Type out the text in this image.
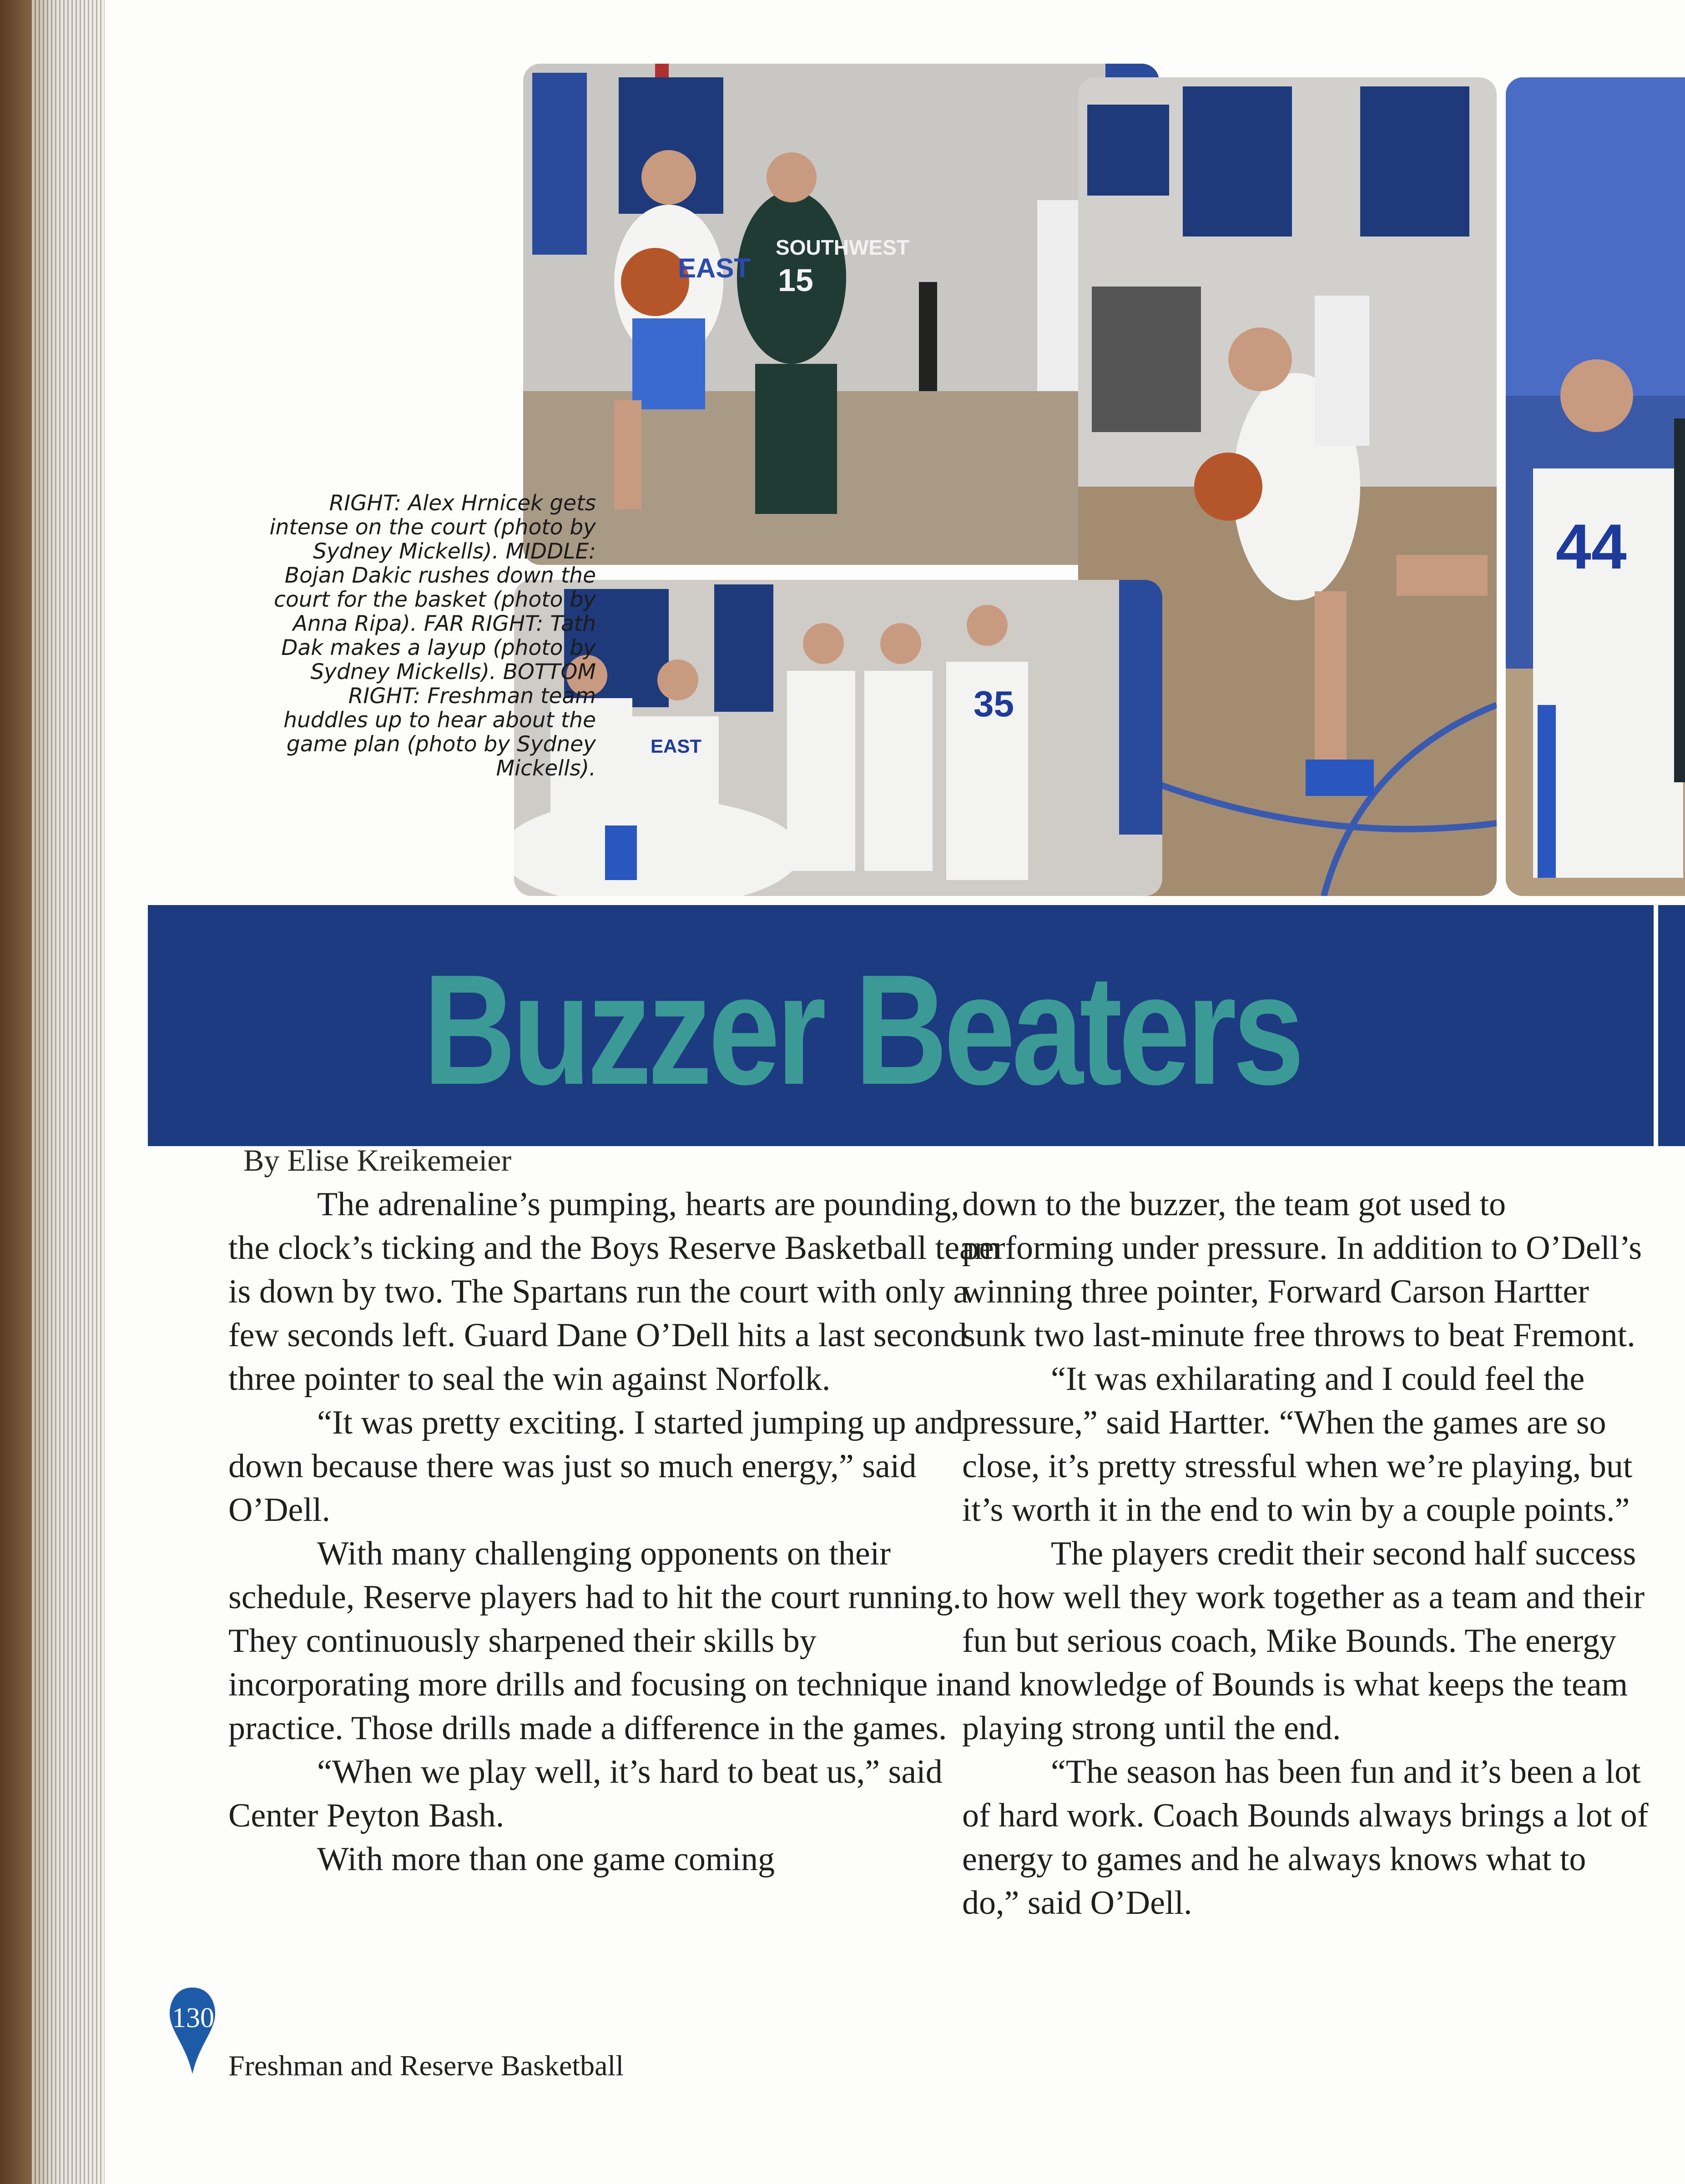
EAST
SOUTHWEST
15
44
EAST
35
RIGHT: Alex Hrnicek gets intense on the court (photo by Sydney Mickells). MIDDLE: Bojan Dakic rushes down the court for the basket (photo by Anna Ripa). FAR RIGHT: Tath Dak makes a layup (photo by Sydney Mickells). BOTTOM RIGHT: Freshman team huddles up to hear about the game plan (photo by Sydney Mickells).
Buzzer Beaters
By Elise Kreikemeier

The adrenaline’s pumping, hearts are pounding, the clock’s ticking and the Boys Reserve Basketball team is down by two. The Spartans run the court with only a few seconds left. Guard Dane O’Dell hits a last second three pointer to seal the win against Norfolk.

“It was pretty exciting. I started jumping up and down because there was just so much energy,” said O’Dell.

With many challenging opponents on their schedule, Reserve players had to hit the court running. They continuously sharpened their skills by incorporating more drills and focusing on technique in practice. Those drills made a difference in the games.

“When we play well, it’s hard to beat us,” said Center Peyton Bash.

With more than one game coming

down to the buzzer, the team got used to performing under pressure. In addition to O’Dell’s winning three pointer, Forward Carson Hartter sunk two last-minute free throws to beat Fremont.

“It was exhilarating and I could feel the pressure,” said Hartter. “When the games are so close, it’s pretty stressful when we’re playing, but it’s worth it in the end to win by a couple points.”

The players credit their second half success to how well they work together as a team and their fun but serious coach, Mike Bounds. The energy and knowledge of Bounds is what keeps the team playing strong until the end.

“The season has been fun and it’s been a lot of hard work. Coach Bounds always brings a lot of energy to games and he always knows what to do,” said O’Dell.

130
Freshman and Reserve Basketball
